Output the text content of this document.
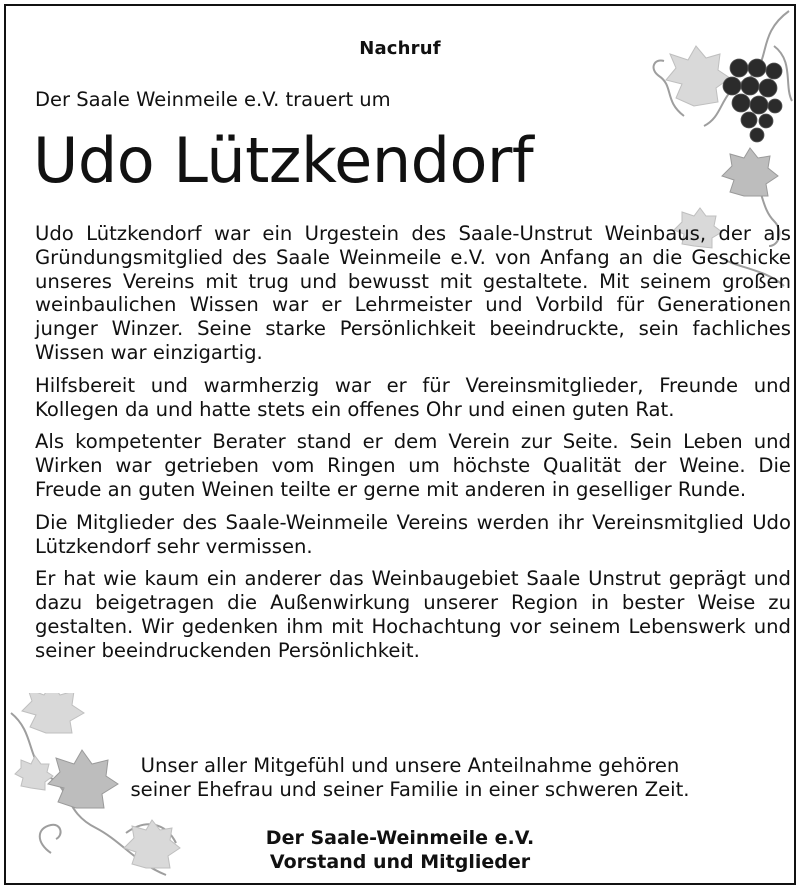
Nachruf
Der Saale Weinmeile e.V. trauert um
Udo Lützkendorf

Udo Lützkendorf war ein Urgestein des Saale-Unstrut Weinbaus, der als Gründungsmitglied des Saale Weinmeile e.V. von Anfang an die Geschicke unseres Vereins mit trug und bewusst mit gestaltete. Mit seinem großen weinbaulichen Wissen war er Lehrmeister und Vorbild für Generationen junger Winzer. Seine starke Persönlichkeit beeindruckte, sein fachliches Wissen war einzigartig.

Hilfsbereit und warmherzig war er für Vereinsmitglieder, Freunde und Kollegen da und hatte stets ein offenes Ohr und einen guten Rat.

Als kompetenter Berater stand er dem Verein zur Seite. Sein Leben und Wirken war getrieben vom Ringen um höchste Qualität der Weine. Die Freude an guten Weinen teilte er gerne mit anderen in geselliger Runde.

Die Mitglieder des Saale-Weinmeile Vereins werden ihr Vereinsmitglied Udo Lützkendorf sehr vermissen.

Er hat wie kaum ein anderer das Weinbaugebiet Saale Unstrut geprägt und dazu beigetragen die Außenwirkung unserer Region in bester Weise zu gestalten. Wir gedenken ihm mit Hochachtung vor seinem Lebenswerk und seiner beeindruckenden Persönlichkeit.

Unser aller Mitgefühl und unsere Anteilnahme gehören
seiner Ehefrau und seiner Familie in einer schweren Zeit.
Der Saale-Weinmeile e.V.
Vorstand und Mitglieder
